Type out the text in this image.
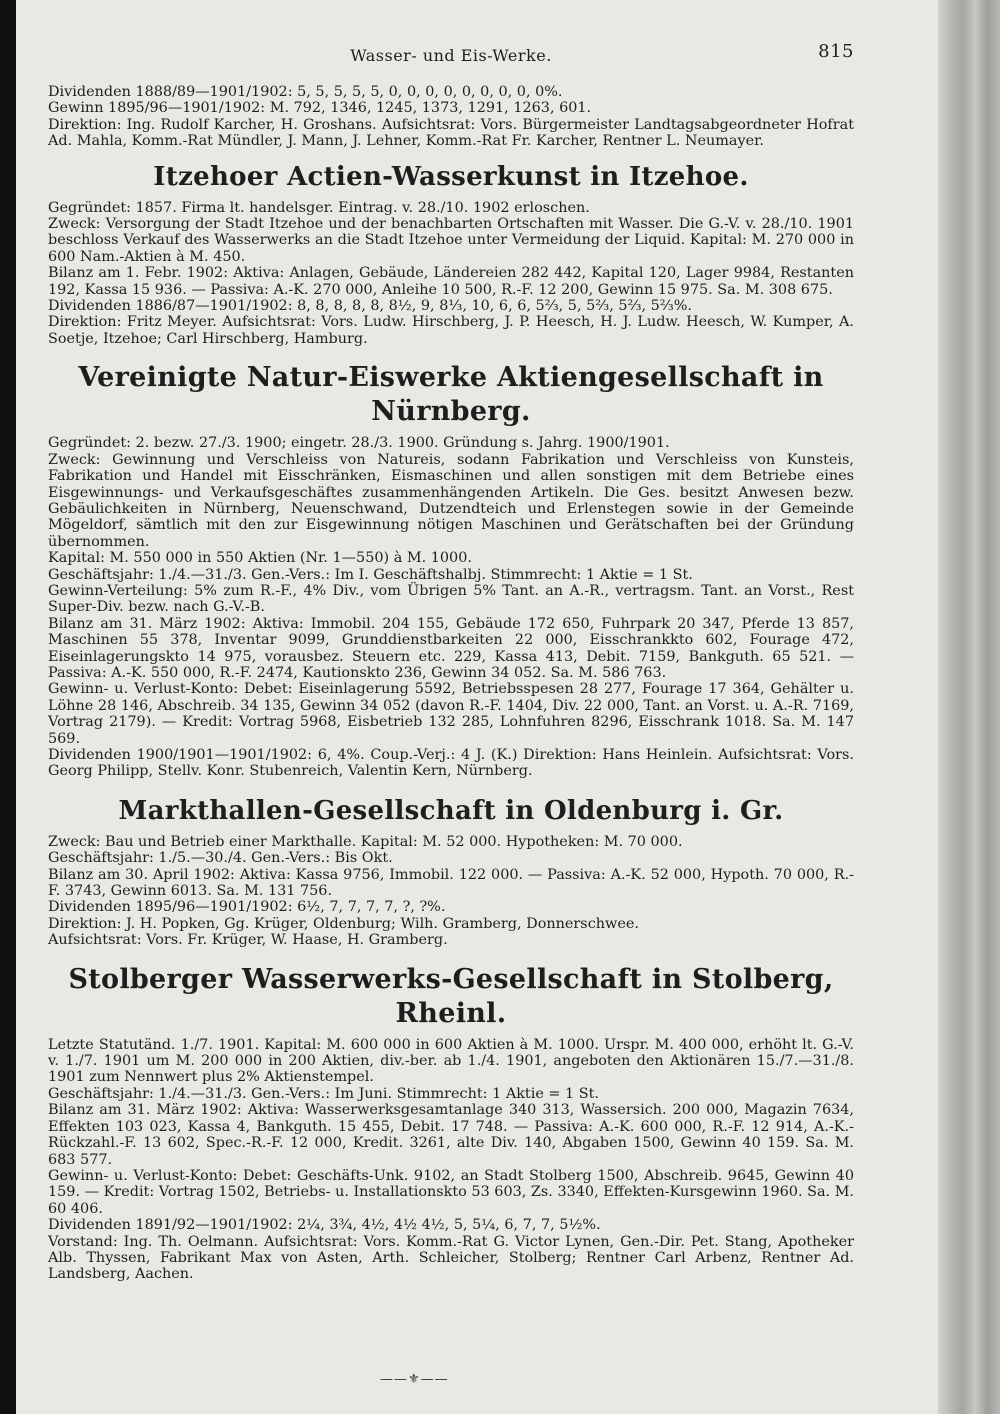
Wasser- und Eis-Werke.	815

Dividenden 1888/89—1901/1902: 5, 5, 5, 5, 5, 0, 0, 0, 0, 0, 0, 0, 0, 0%.

Gewinn 1895/96—1901/1902: M. 792, 1346, 1245, 1373, 1291, 1263, 601.

Direktion: Ing. Rudolf Karcher, H. Groshans. Aufsichtsrat: Vors. Bürgermeister Landtagsabgeordneter Hofrat Ad. Mahla, Komm.-Rat Mündler, J. Mann, J. Lehner, Komm.-Rat Fr. Karcher, Rentner L. Neumayer.

Itzehoer Actien-Wasserkunst in Itzehoe.

Gegründet: 1857. Firma lt. handelsger. Eintrag. v. 28./10. 1902 erloschen.

Zweck: Versorgung der Stadt Itzehoe und der benachbarten Ortschaften mit Wasser. Die G.-V. v. 28./10. 1901 beschloss Verkauf des Wasserwerks an die Stadt Itzehoe unter Vermeidung der Liquid. Kapital: M. 270 000 in 600 Nam.-Aktien à M. 450.

Bilanz am 1. Febr. 1902: Aktiva: Anlagen, Gebäude, Ländereien 282 442, Kapital 120, Lager 9984, Restanten 192, Kassa 15 936. — Passiva: A.-K. 270 000, Anleihe 10 500, R.-F. 12 200, Gewinn 15 975. Sa. M. 308 675.

Dividenden 1886/87—1901/1902: 8, 8, 8, 8, 8, 8½, 9, 8⅓, 10, 6, 6, 5⅔, 5, 5⅔, 5⅔, 5⅔%.

Direktion: Fritz Meyer. Aufsichtsrat: Vors. Ludw. Hirschberg, J. P. Heesch, H. J. Ludw. Heesch, W. Kumper, A. Soetje, Itzehoe; Carl Hirschberg, Hamburg.

Vereinigte Natur-Eiswerke Aktiengesellschaft in Nürnberg.

Gegründet: 2. bezw. 27./3. 1900; eingetr. 28./3. 1900. Gründung s. Jahrg. 1900/1901.

Zweck: Gewinnung und Verschleiss von Natureis, sodann Fabrikation und Verschleiss von Kunsteis, Fabrikation und Handel mit Eisschränken, Eismaschinen und allen sonstigen mit dem Betriebe eines Eisgewinnungs- und Verkaufsgeschäftes zusammenhängenden Artikeln. Die Ges. besitzt Anwesen bezw. Gebäulichkeiten in Nürnberg, Neuenschwand, Dutzendteich und Erlenstegen sowie in der Gemeinde Mögeldorf, sämtlich mit den zur Eisgewinnung nötigen Maschinen und Gerätschaften bei der Gründung übernommen.

Kapital: M. 550 000 in 550 Aktien (Nr. 1—550) à M. 1000.

Geschäftsjahr: 1./4.—31./3. Gen.-Vers.: Im I. Geschäftshalbj. Stimmrecht: 1 Aktie = 1 St.

Gewinn-Verteilung: 5% zum R.-F., 4% Div., vom Übrigen 5% Tant. an A.-R., vertragsm. Tant. an Vorst., Rest Super-Div. bezw. nach G.-V.-B.

Bilanz am 31. März 1902: Aktiva: Immobil. 204 155, Gebäude 172 650, Fuhrpark 20 347, Pferde 13 857, Maschinen 55 378, Inventar 9099, Grunddienstbarkeiten 22 000, Eisschrankkto 602, Fourage 472, Eiseinlagerungskto 14 975, vorausbez. Steuern etc. 229, Kassa 413, Debit. 7159, Bankguth. 65 521. — Passiva: A.-K. 550 000, R.-F. 2474, Kautionskto 236, Gewinn 34 052. Sa. M. 586 763.

Gewinn- u. Verlust-Konto: Debet: Eiseinlagerung 5592, Betriebsspesen 28 277, Fourage 17 364, Gehälter u. Löhne 28 146, Abschreib. 34 135, Gewinn 34 052 (davon R.-F. 1404, Div. 22 000, Tant. an Vorst. u. A.-R. 7169, Vortrag 2179). — Kredit: Vortrag 5968, Eisbetrieb 132 285, Lohnfuhren 8296, Eisschrank 1018. Sa. M. 147 569.

Dividenden 1900/1901—1901/1902: 6, 4%. Coup.-Verj.: 4 J. (K.) Direktion: Hans Heinlein. Aufsichtsrat: Vors. Georg Philipp, Stellv. Konr. Stubenreich, Valentin Kern, Nürnberg.

Markthallen-Gesellschaft in Oldenburg i. Gr.

Zweck: Bau und Betrieb einer Markthalle. Kapital: M. 52 000. Hypotheken: M. 70 000.

Geschäftsjahr: 1./5.—30./4. Gen.-Vers.: Bis Okt.

Bilanz am 30. April 1902: Aktiva: Kassa 9756, Immobil. 122 000. — Passiva: A.-K. 52 000, Hypoth. 70 000, R.-F. 3743, Gewinn 6013. Sa. M. 131 756.

Dividenden 1895/96—1901/1902: 6½, 7, 7, 7, 7, ?, ?%.

Direktion: J. H. Popken, Gg. Krüger, Oldenburg; Wilh. Gramberg, Donnerschwee.

Aufsichtsrat: Vors. Fr. Krüger, W. Haase, H. Gramberg.

Stolberger Wasserwerks-Gesellschaft in Stolberg, Rheinl.

Letzte Statutänd. 1./7. 1901. Kapital: M. 600 000 in 600 Aktien à M. 1000. Urspr. M. 400 000, erhöht lt. G.-V. v. 1./7. 1901 um M. 200 000 in 200 Aktien, div.-ber. ab 1./4. 1901, angeboten den Aktionären 15./7.—31./8. 1901 zum Nennwert plus 2% Aktienstempel.

Geschäftsjahr: 1./4.—31./3. Gen.-Vers.: Im Juni. Stimmrecht: 1 Aktie = 1 St.

Bilanz am 31. März 1902: Aktiva: Wasserwerksgesamtanlage 340 313, Wassersich. 200 000, Magazin 7634, Effekten 103 023, Kassa 4, Bankguth. 15 455, Debit. 17 748. — Passiva: A.-K. 600 000, R.-F. 12 914, A.-K.-Rückzahl.-F. 13 602, Spec.-R.-F. 12 000, Kredit. 3261, alte Div. 140, Abgaben 1500, Gewinn 40 159. Sa. M. 683 577.

Gewinn- u. Verlust-Konto: Debet: Geschäfts-Unk. 9102, an Stadt Stolberg 1500, Abschreib. 9645, Gewinn 40 159. — Kredit: Vortrag 1502, Betriebs- u. Installationskto 53 603, Zs. 3340, Effekten-Kursgewinn 1960. Sa. M. 60 406.

Dividenden 1891/92—1901/1902: 2¼, 3¾, 4½, 4½ 4½, 5, 5¼, 6, 7, 7, 5½%.

Vorstand: Ing. Th. Oelmann. Aufsichtsrat: Vors. Komm.-Rat G. Victor Lynen, Gen.-Dir. Pet. Stang, Apotheker Alb. Thyssen, Fabrikant Max von Asten, Arth. Schleicher, Stolberg; Rentner Carl Arbenz, Rentner Ad. Landsberg, Aachen.

——⚜——
